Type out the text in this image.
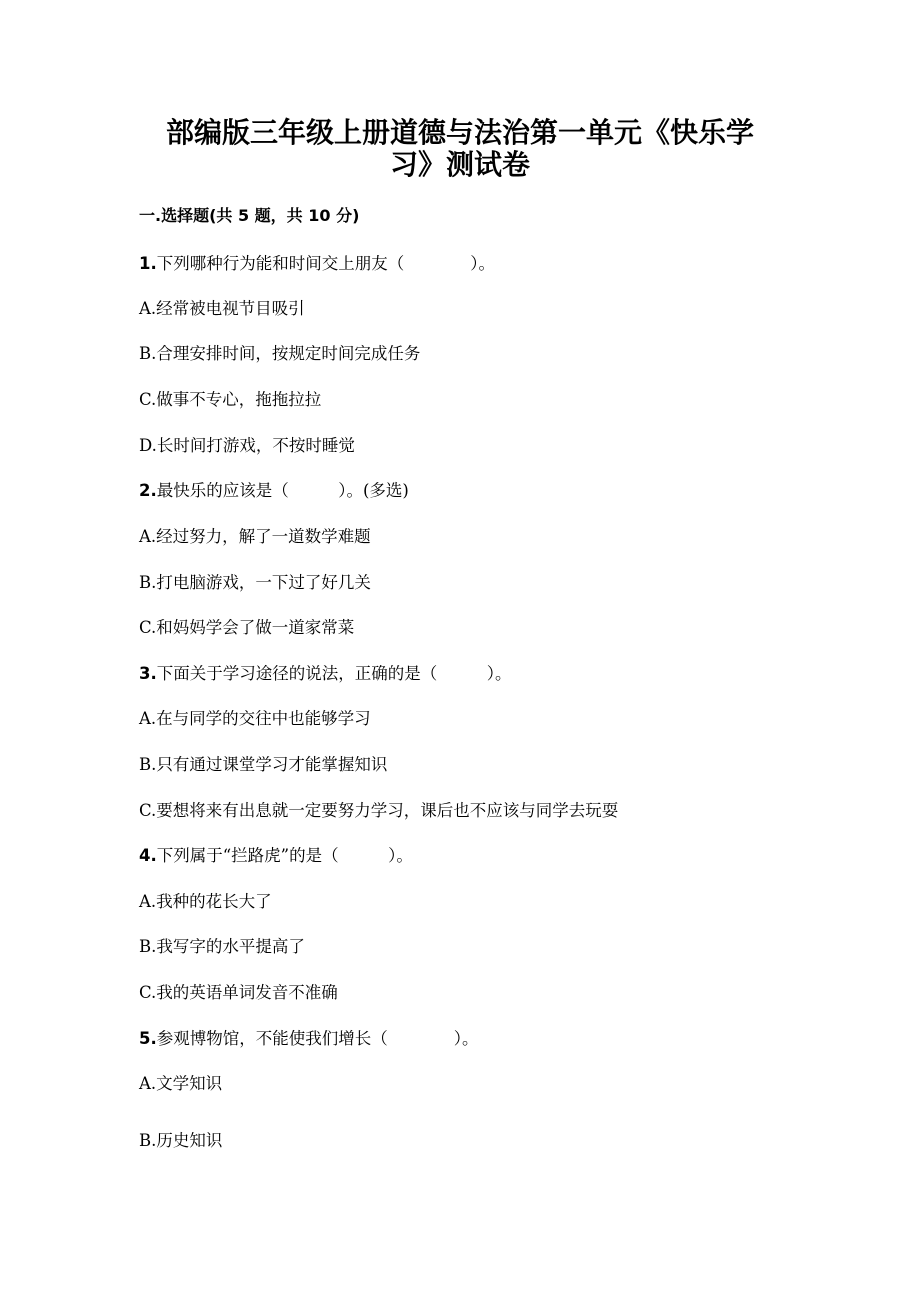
部编版三年级上册道德与法治第一单元《快乐学
习》测试卷
一.选择题(共 5 题，共 10 分)
1.下列哪种行为能和时间交上朋友（　　　　）。
A.经常被电视节目吸引
B.合理安排时间，按规定时间完成任务
C.做事不专心，拖拖拉拉
D.长时间打游戏，不按时睡觉
2.最快乐的应该是（　　　）。(多选)
A.经过努力，解了一道数学难题
B.打电脑游戏，一下过了好几关
C.和妈妈学会了做一道家常菜
3.下面关于学习途径的说法，正确的是（　　　）。
A.在与同学的交往中也能够学习
B.只有通过课堂学习才能掌握知识
C.要想将来有出息就一定要努力学习，课后也不应该与同学去玩耍
4.下列属于“拦路虎”的是（　　　）。
A.我种的花长大了
B.我写字的水平提高了
C.我的英语单词发音不准确
5.参观博物馆，不能使我们增长（　　　　）。
A.文学知识
B.历史知识
